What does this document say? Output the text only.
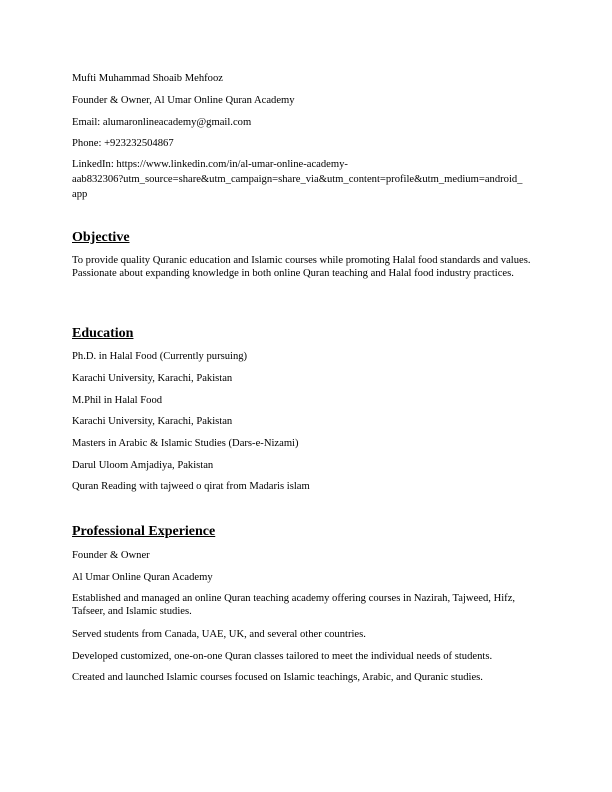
Mufti Muhammad Shoaib Mehfooz

Founder & Owner, Al Umar Online Quran Academy

Email: alumaronlineacademy@gmail.com

Phone: +923232504867

LinkedIn: https://www.linkedin.com/in/al-umar-online-academy-

aab832306?utm_source=share&utm_campaign=share_via&utm_content=profile&utm_medium=android_

app

Objective

To provide quality Quranic education and Islamic courses while promoting Halal food standards and values. Passionate about expanding knowledge in both online Quran teaching and Halal food industry practices.

Education

Ph.D. in Halal Food (Currently pursuing)

Karachi University, Karachi, Pakistan

M.Phil in Halal Food

Karachi University, Karachi, Pakistan

Masters in Arabic & Islamic Studies (Dars-e-Nizami)

Darul Uloom Amjadiya, Pakistan

Quran Reading with tajweed o qirat from Madaris islam

Professional Experience

Founder & Owner

Al Umar Online Quran Academy

Established and managed an online Quran teaching academy offering courses in Nazirah, Tajweed, Hifz, Tafseer, and Islamic studies.

Served students from Canada, UAE, UK, and several other countries.

Developed customized, one-on-one Quran classes tailored to meet the individual needs of students.

Created and launched Islamic courses focused on Islamic teachings, Arabic, and Quranic studies.
